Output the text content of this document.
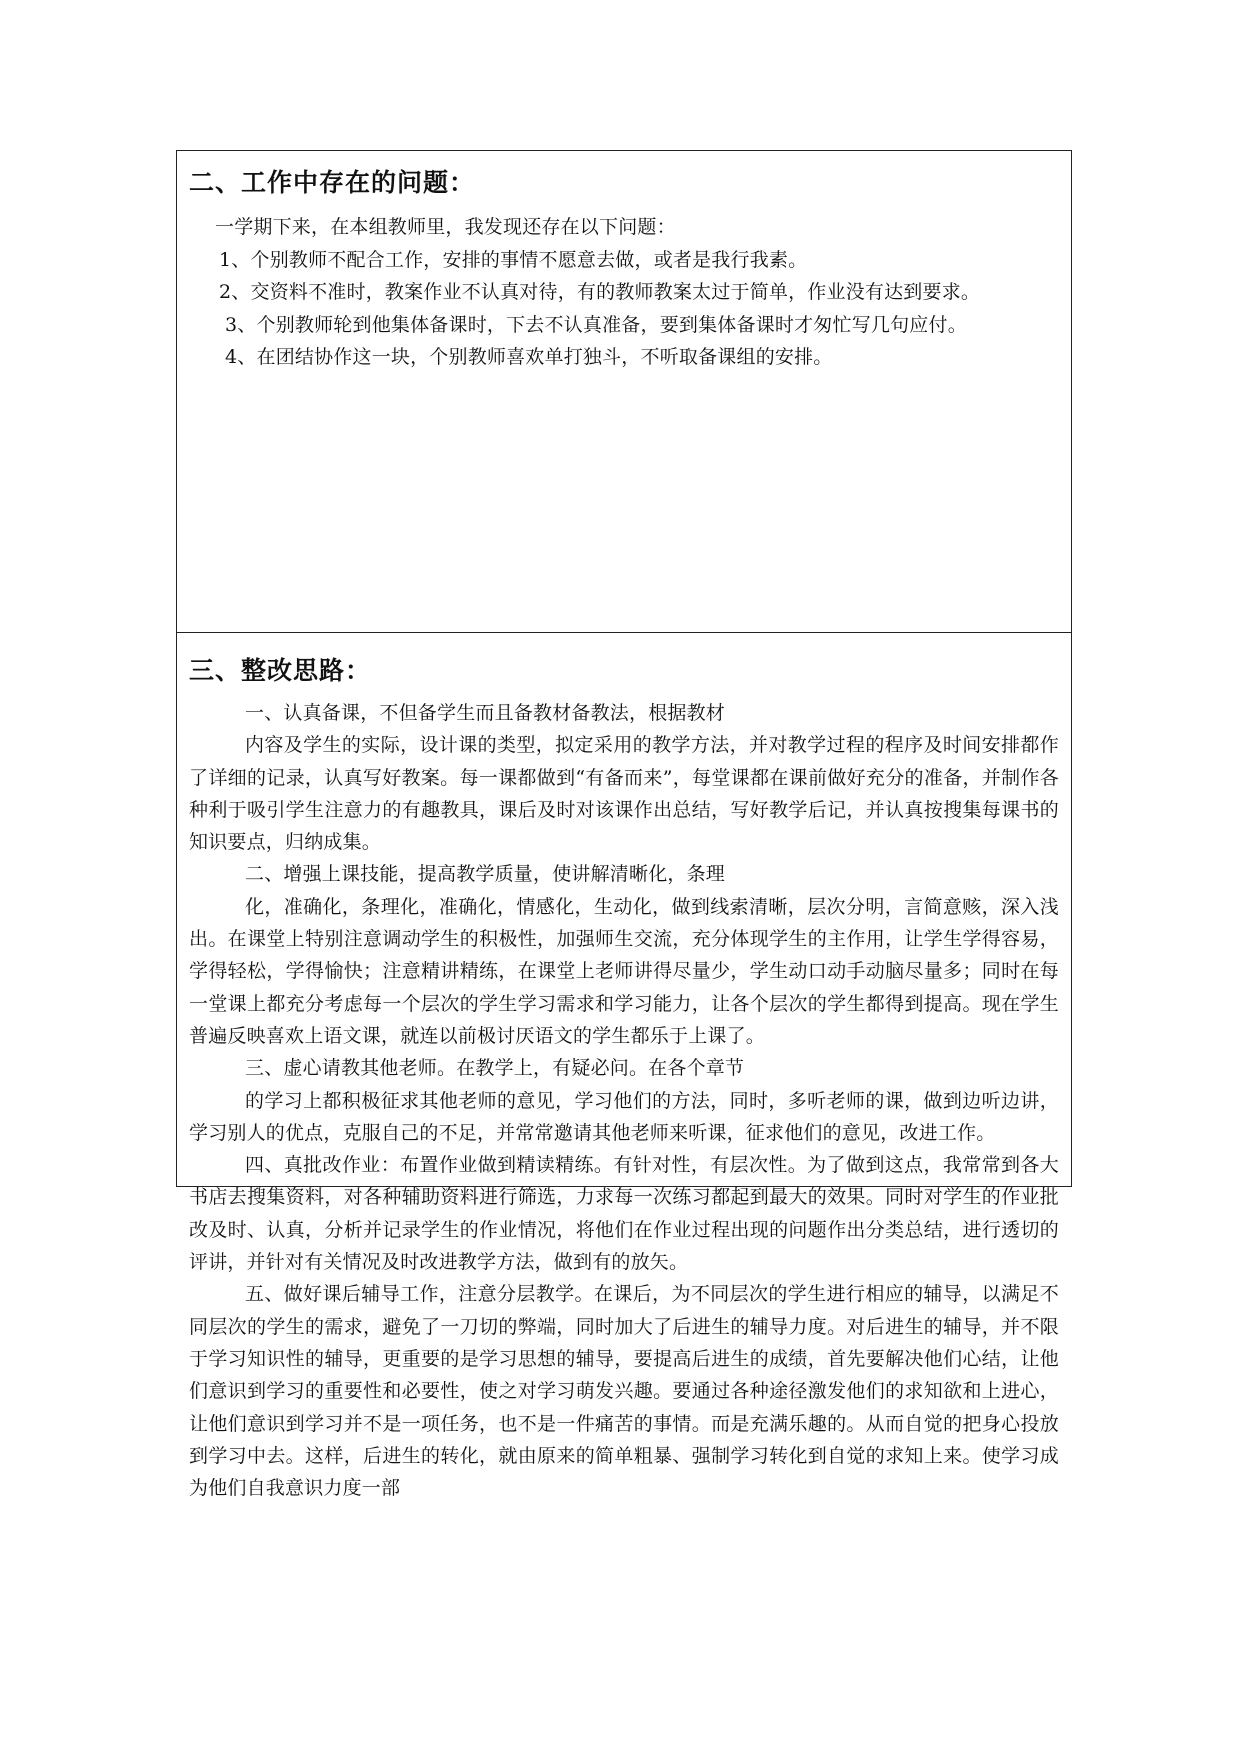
二、工作中存在的问题：

一学期下来，在本组教师里，我发现还存在以下问题：

1、个别教师不配合工作，安排的事情不愿意去做，或者是我行我素。

2、交资料不准时，教案作业不认真对待，有的教师教案太过于简单，作业没有达到要求。

3、个别教师轮到他集体备课时，下去不认真准备，要到集体备课时才匆忙写几句应付。

4、在团结协作这一块，个别教师喜欢单打独斗，不听取备课组的安排。

三、整改思路：

一、认真备课，不但备学生而且备教材备教法，根据教材

内容及学生的实际，设计课的类型，拟定采用的教学方法，并对教学过程的程序及时间安排都作了详细的记录，认真写好教案。每一课都做到“有备而来”，每堂课都在课前做好充分的准备，并制作各种利于吸引学生注意力的有趣教具，课后及时对该课作出总结，写好教学后记，并认真按搜集每课书的知识要点，归纳成集。

二、增强上课技能，提高教学质量，使讲解清晰化，条理

化，准确化，条理化，准确化，情感化，生动化，做到线索清晰，层次分明，言简意赅，深入浅出。在课堂上特别注意调动学生的积极性，加强师生交流，充分体现学生的主作用，让学生学得容易，学得轻松，学得愉快；注意精讲精练，在课堂上老师讲得尽量少，学生动口动手动脑尽量多；同时在每一堂课上都充分考虑每一个层次的学生学习需求和学习能力，让各个层次的学生都得到提高。现在学生普遍反映喜欢上语文课，就连以前极讨厌语文的学生都乐于上课了。

三、虚心请教其他老师。在教学上，有疑必问。在各个章节

的学习上都积极征求其他老师的意见，学习他们的方法，同时，多听老师的课，做到边听边讲，学习别人的优点，克服自己的不足，并常常邀请其他老师来听课，征求他们的意见，改进工作。

四、真批改作业：布置作业做到精读精练。有针对性，有层次性。为了做到这点，我常常到各大书店去搜集资料，对各种辅助资料进行筛选，力求每一次练习都起到最大的效果。同时对学生的作业批改及时、认真，分析并记录学生的作业情况，将他们在作业过程出现的问题作出分类总结，进行透切的评讲，并针对有关情况及时改进教学方法，做到有的放矢。

五、做好课后辅导工作，注意分层教学。在课后，为不同层次的学生进行相应的辅导，以满足不同层次的学生的需求，避免了一刀切的弊端，同时加大了后进生的辅导力度。对后进生的辅导，并不限于学习知识性的辅导，更重要的是学习思想的辅导，要提高后进生的成绩，首先要解决他们心结，让他们意识到学习的重要性和必要性，使之对学习萌发兴趣。要通过各种途径激发他们的求知欲和上进心，让他们意识到学习并不是一项任务，也不是一件痛苦的事情。而是充满乐趣的。从而自觉的把身心投放到学习中去。这样，后进生的转化，就由原来的简单粗暴、强制学习转化到自觉的求知上来。使学习成为他们自我意识力度一部
